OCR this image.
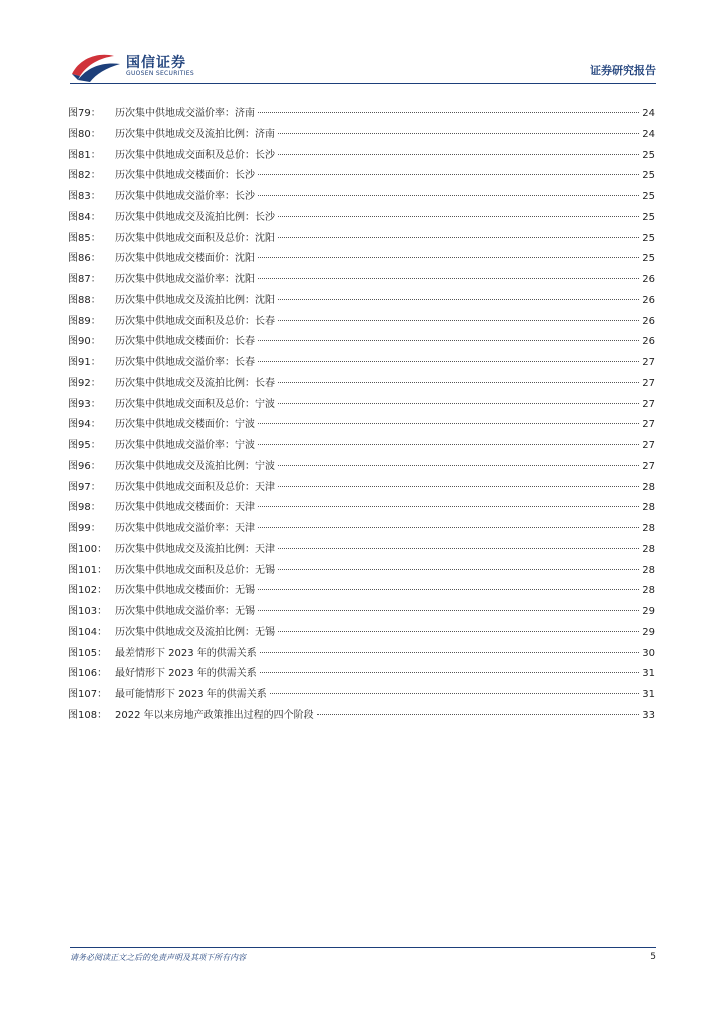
国信证券
GUOSEN SECURITIES	证券研究报告
图79：	历次集中供地成交溢价率：济南	24
图80：	历次集中供地成交及流拍比例：济南	24
图81：	历次集中供地成交面积及总价：长沙	25
图82：	历次集中供地成交楼面价：长沙	25
图83：	历次集中供地成交溢价率：长沙	25
图84：	历次集中供地成交及流拍比例：长沙	25
图85：	历次集中供地成交面积及总价：沈阳	25
图86：	历次集中供地成交楼面价：沈阳	25
图87：	历次集中供地成交溢价率：沈阳	26
图88：	历次集中供地成交及流拍比例：沈阳	26
图89：	历次集中供地成交面积及总价：长春	26
图90：	历次集中供地成交楼面价：长春	26
图91：	历次集中供地成交溢价率：长春	27
图92：	历次集中供地成交及流拍比例：长春	27
图93：	历次集中供地成交面积及总价：宁波	27
图94：	历次集中供地成交楼面价：宁波	27
图95：	历次集中供地成交溢价率：宁波	27
图96：	历次集中供地成交及流拍比例：宁波	27
图97：	历次集中供地成交面积及总价：天津	28
图98：	历次集中供地成交楼面价：天津	28
图99：	历次集中供地成交溢价率：天津	28
图100： 历次集中供地成交及流拍比例：天津	28
图101： 历次集中供地成交面积及总价：无锡	28
图102： 历次集中供地成交楼面价：无锡	28
图103： 历次集中供地成交溢价率：无锡	29
图104： 历次集中供地成交及流拍比例：无锡	29
图105： 最差情形下 2023 年的供需关系	30
图106： 最好情形下 2023 年的供需关系	31
图107： 最可能情形下 2023 年的供需关系	31
图108： 2022 年以来房地产政策推出过程的四个阶段	33
请务必阅读正文之后的免责声明及其项下所有内容	5
